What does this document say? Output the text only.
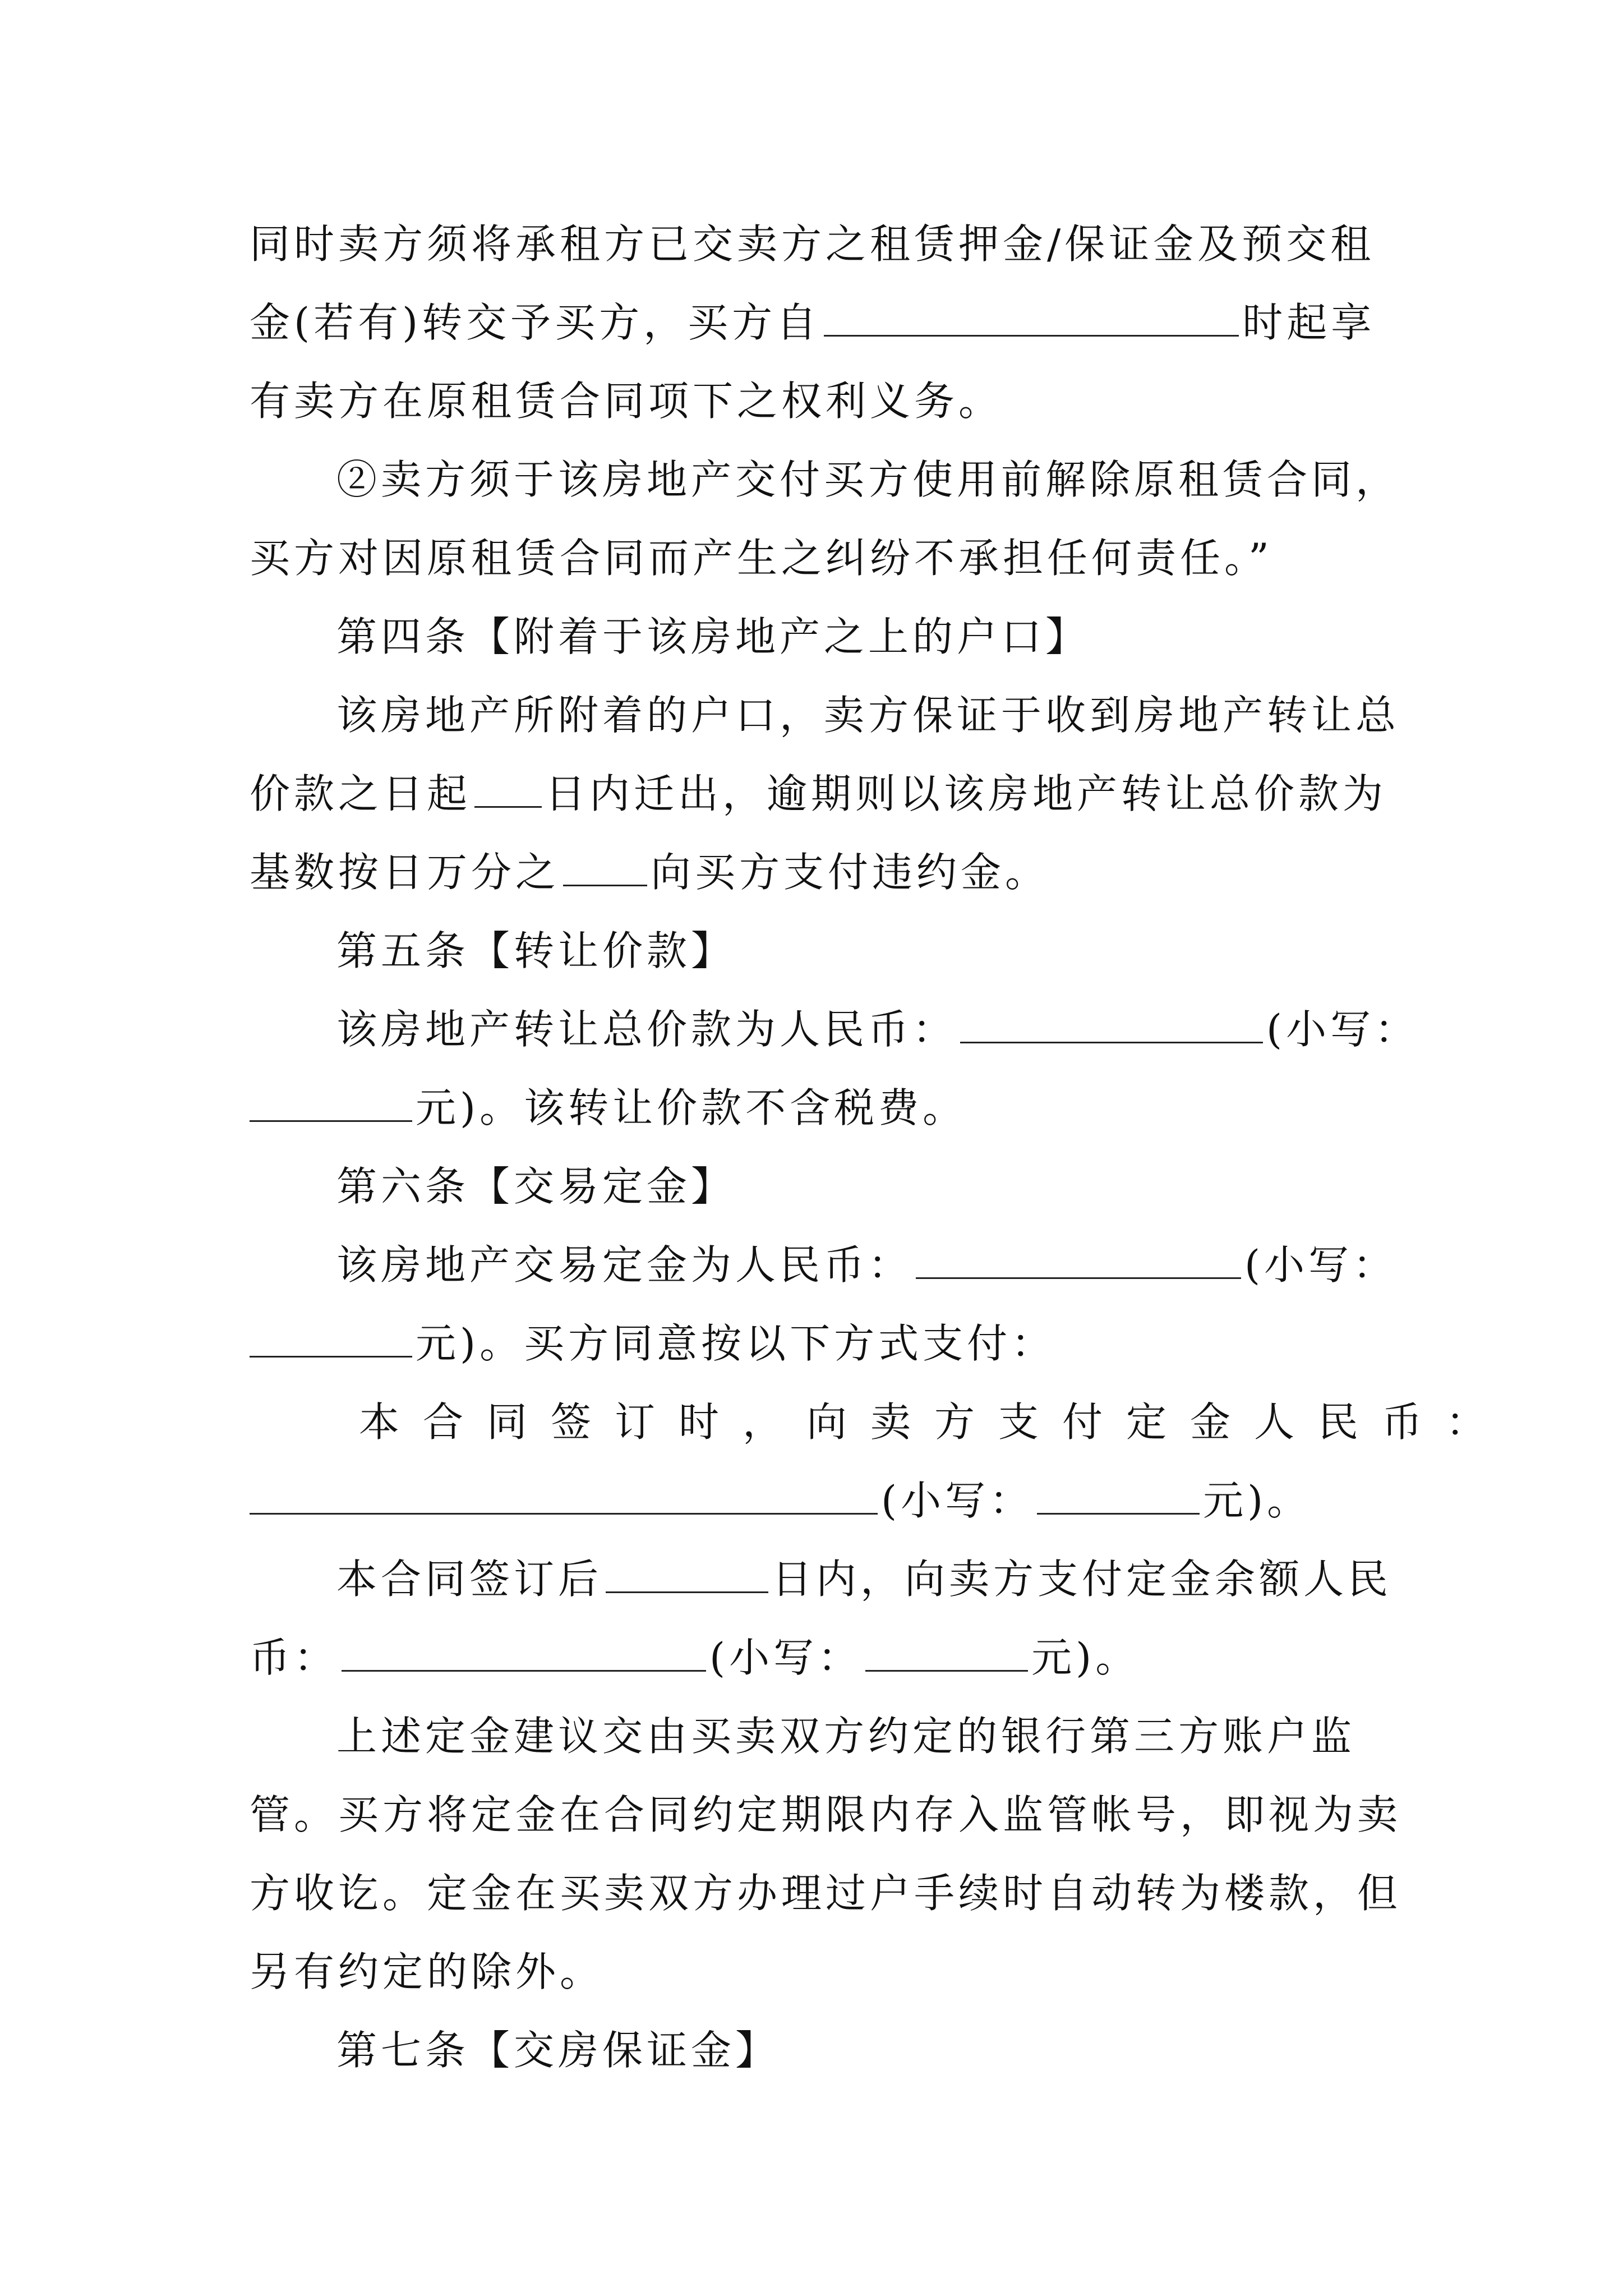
同时卖方须将承租方已交卖方之租赁押金/保证金及预交租
金(若有)转交予买方，买方自	时起享
有卖方在原租赁合同项下之权利义务。
②卖方须于该房地产交付买方使用前解除原租赁合同，
买方对因原租赁合同而产生之纠纷不承担任何责任。”
第四条【附着于该房地产之上的户口】
该房地产所附着的户口，卖方保证于收到房地产转让总
价款之日起 日内迁出，逾期则以该房地产转让总价款为
基数按日万分之 向买方支付违约金。
第五条【转让价款】
该房地产转让总价款为人民币：	(小写：
元)。该转让价款不含税费。
第六条【交易定金】
该房地产交易定金为人民币：	(小写：
元)。买方同意按以下方式支付：
本合同签订时，向卖方支付定金人民币：
(小写：	元)。
本合同签订后	日内，向卖方支付定金余额人民
币：	(小写：	元)。
上述定金建议交由买卖双方约定的银行第三方账户监
管。买方将定金在合同约定期限内存入监管帐号，即视为卖
方收讫。定金在买卖双方办理过户手续时自动转为楼款，但
另有约定的除外。
第七条【交房保证金】
